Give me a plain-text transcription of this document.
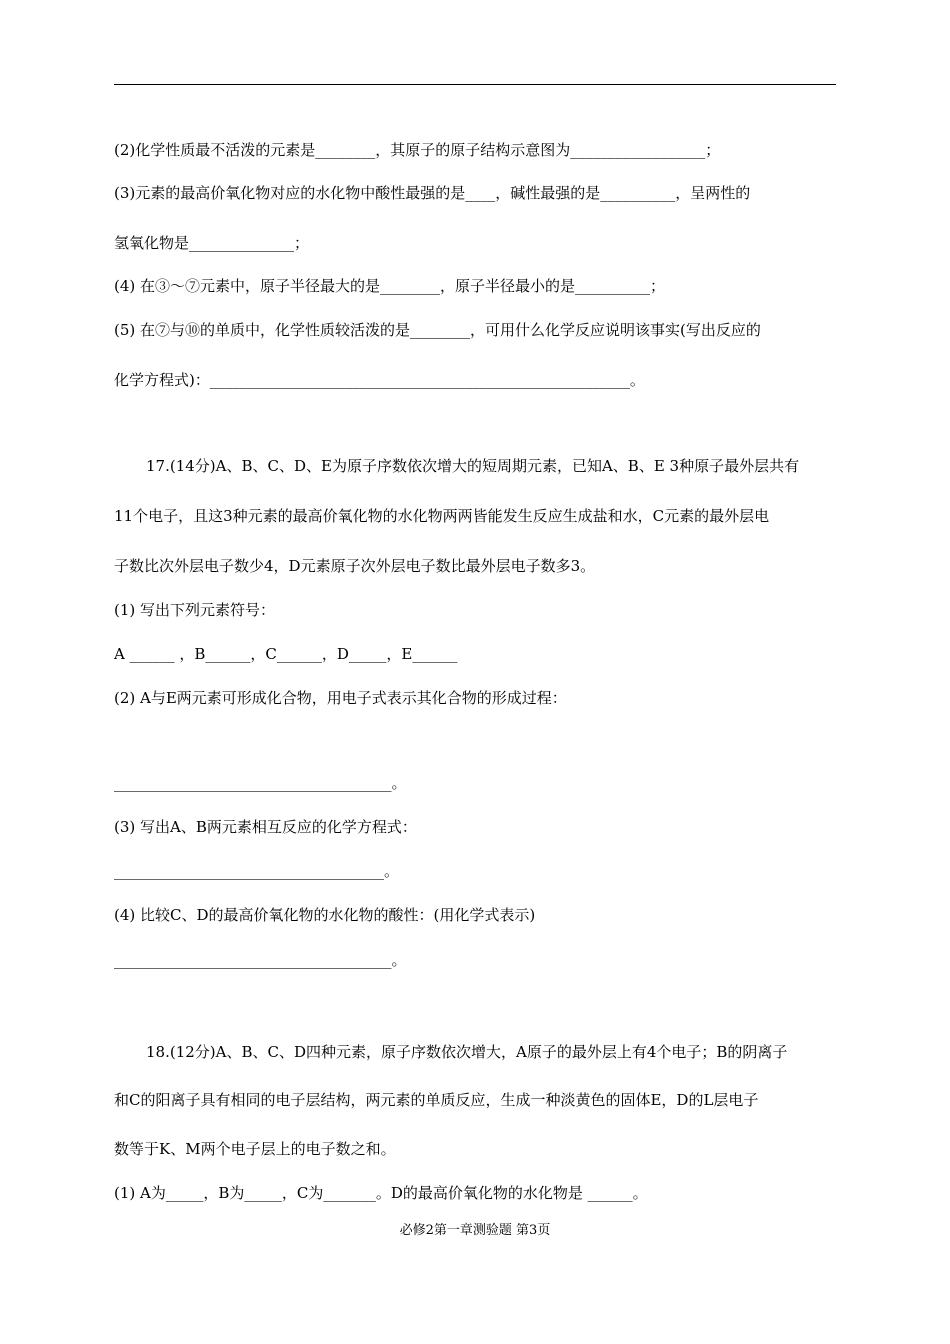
(2)化学性质最不活泼的元素是________，其原子的原子结构示意图为__________________；
(3)元素的最高价氧化物对应的水化物中酸性最强的是____，碱性最强的是__________，呈两性的
氢氧化物是______________；
(4) 在③～⑦元素中，原子半径最大的是________，原子半径最小的是__________；
(5) 在⑦与⑩的单质中，化学性质较活泼的是________，可用什么化学反应说明该事实(写出反应的
化学方程式)：________________________________________________________。
17.(14分)A、B、C、D、E为原子序数依次增大的短周期元素，已知A、B、E 3种原子最外层共有
11个电子，且这3种元素的最高价氧化物的水化物两两皆能发生反应生成盐和水，C元素的最外层电
子数比次外层电子数少4，D元素原子次外层电子数比最外层电子数多3。
(1) 写出下列元素符号：
A ______ ，B______，C______，D_____，E______
(2) A与E两元素可形成化合物，用电子式表示其化合物的形成过程：
_____________________________________。
(3) 写出A、B两元素相互反应的化学方程式：
____________________________________。
(4) 比较C、D的最高价氧化物的水化物的酸性：(用化学式表示)
_____________________________________。
18.(12分)A、B、C、D四种元素，原子序数依次增大，A原子的最外层上有4个电子；B的阴离子
和C的阳离子具有相同的电子层结构，两元素的单质反应，生成一种淡黄色的固体E，D的L层电子
数等于K、M两个电子层上的电子数之和。
(1) A为_____，B为_____，C为_______。D的最高价氧化物的水化物是 ______。
必修2第一章测验题 第3页
